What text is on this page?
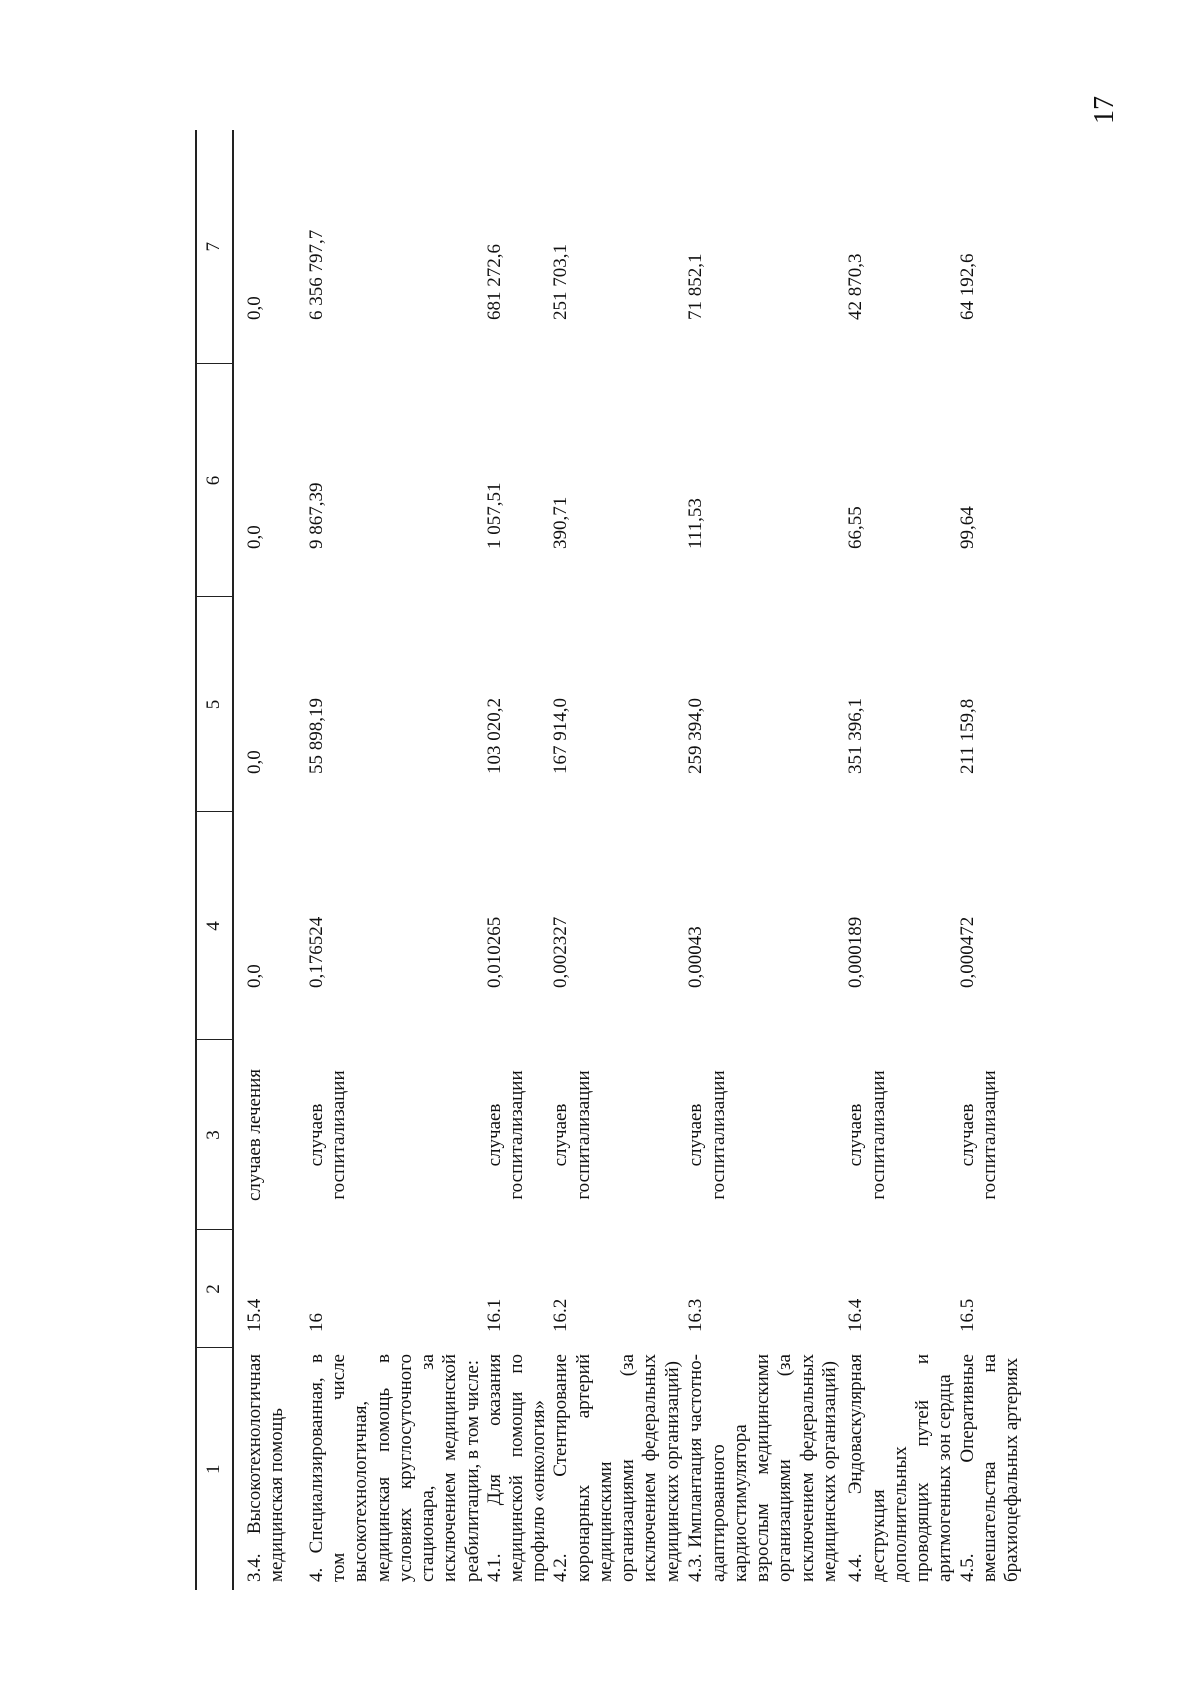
17
1	2	3	4	5	6	7
3.4. Высокотехнологичная медицинская помощь	15.4	случаев лечения	0,0	0,0	0,0	0,0
4. Специализированная, в том числе высокотехнологичная, медицинская помощь в условиях круглосуточного стационара, за исключением медицинской реабилитации, в том числе:	16	случаев госпитализации	0,176524	55 898,19	9 867,39	6 356 797,7
4.1. Для оказания медицинской помощи по профилю «онкология»	16.1	случаев госпитализации	0,010265	103 020,2	1 057,51	681 272,6
4.2. Стентирование коронарных артерий медицинскими организациями (за исключением федеральных медицинских организаций)	16.2	случаев госпитализации	0,002327	167 914,0	390,71	251 703,1
4.3. Имплантация частотно-адаптированного кардиостимулятора взрослым медицинскими организациями (за исключением федеральных медицинских организаций)	16.3	случаев госпитализации	0,00043	259 394,0	111,53	71 852,1
4.4. Эндоваскулярная деструкция дополнительных проводящих путей и аритмогенных зон сердца	16.4	случаев госпитализации	0,000189	351 396,1	66,55	42 870,3
4.5. Оперативные вмешательства на брахиоцефальных артериях	16.5	случаев госпитализации	0,000472	211 159,8	99,64	64 192,6
